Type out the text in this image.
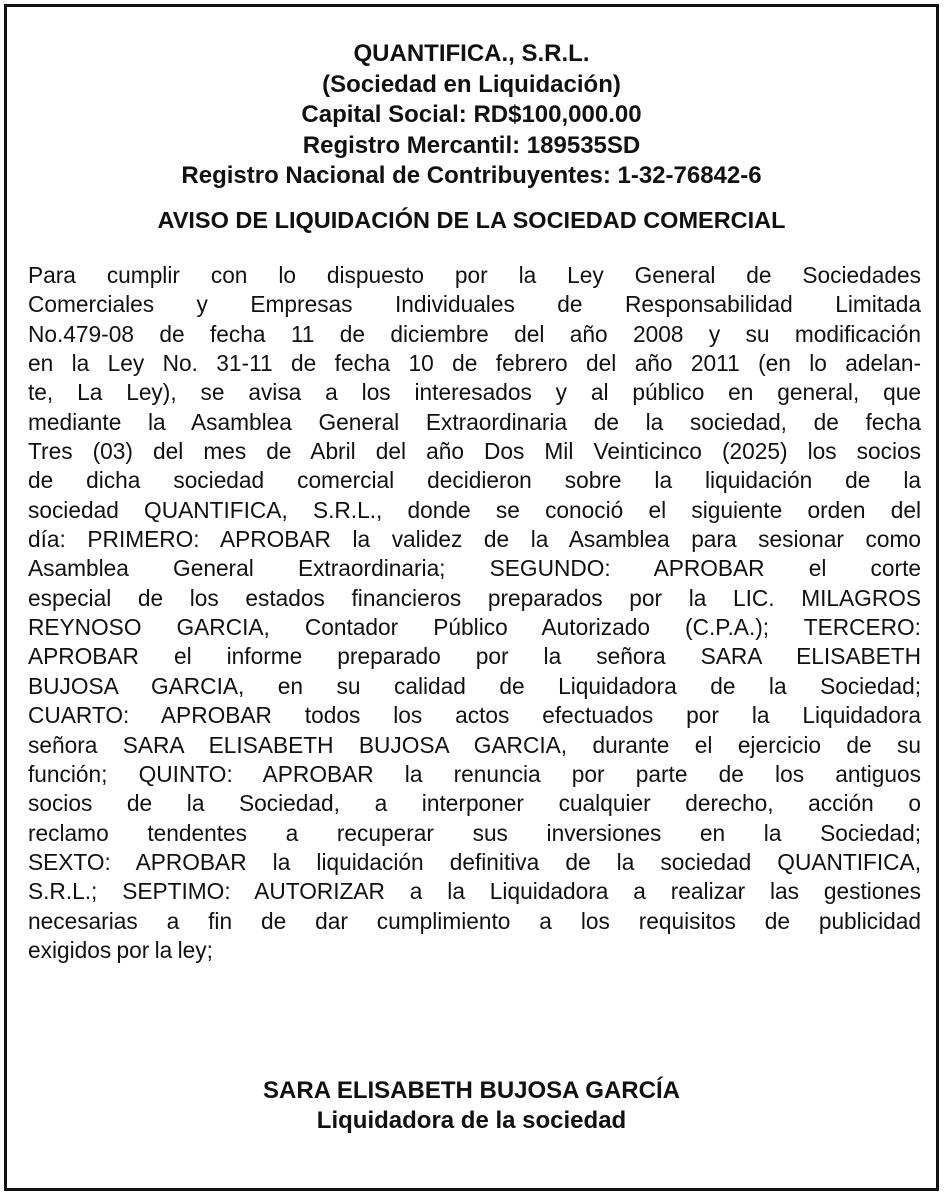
QUANTIFICA., S.R.L.
(Sociedad en Liquidación)
Capital Social: RD$100,000.00
Registro Mercantil: 189535SD
Registro Nacional de Contribuyentes: 1-32-76842-6
AVISO DE LIQUIDACIÓN DE LA SOCIEDAD COMERCIAL
Para cumplir con lo dispuesto por la Ley General de Sociedades
Comerciales y Empresas Individuales de Responsabilidad Limitada
No.479-08 de fecha 11 de diciembre del año 2008 y su modificación
en la Ley No. 31-11 de fecha 10 de febrero del año 2011 (en lo adelan-
te, La Ley), se avisa a los interesados y al público en general, que
mediante la Asamblea General Extraordinaria de la sociedad, de fecha
Tres (03) del mes de Abril del año Dos Mil Veinticinco (2025) los socios
de dicha sociedad comercial decidieron sobre la liquidación de la
sociedad QUANTIFICA, S.R.L., donde se conoció el siguiente orden del
día: PRIMERO: APROBAR la validez de la Asamblea para sesionar como
Asamblea General Extraordinaria; SEGUNDO: APROBAR el corte
especial de los estados financieros preparados por la LIC. MILAGROS
REYNOSO GARCIA, Contador Público Autorizado (C.P.A.); TERCERO:
APROBAR el informe preparado por la señora SARA ELISABETH
BUJOSA GARCIA, en su calidad de Liquidadora de la Sociedad;
CUARTO: APROBAR todos los actos efectuados por la Liquidadora
señora SARA ELISABETH BUJOSA GARCIA, durante el ejercicio de su
función; QUINTO: APROBAR la renuncia por parte de los antiguos
socios de la Sociedad, a interponer cualquier derecho, acción o
reclamo tendentes a recuperar sus inversiones en la Sociedad;
SEXTO: APROBAR la liquidación definitiva de la sociedad QUANTIFICA,
S.R.L.; SEPTIMO: AUTORIZAR a la Liquidadora a realizar las gestiones
necesarias a fin de dar cumplimiento a los requisitos de publicidad
exigidos por la ley;
SARA ELISABETH BUJOSA GARCÍA
Liquidadora de la sociedad
